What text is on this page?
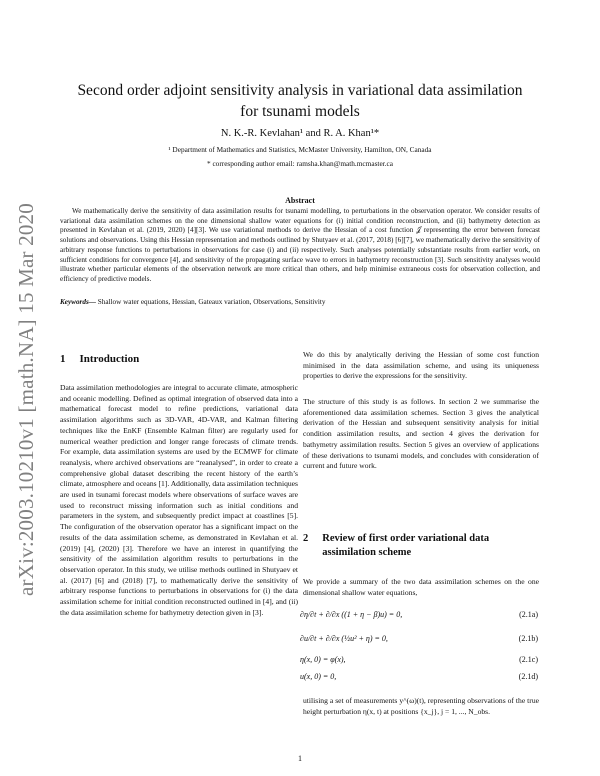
arXiv:2003.10210v1 [math.NA] 15 Mar 2020
Second order adjoint sensitivity analysis in variational data assimilation
for tsunami models
N. K.-R. Kevlahan¹ and R. A. Khan¹*
¹ Department of Mathematics and Statistics, McMaster University, Hamilton, ON, Canada
* corresponding author email: ramsha.khan@math.mcmaster.ca
Abstract

We mathematically derive the sensitivity of data assimilation results for tsunami modelling, to perturbations in the observation operator. We consider results of variational data assimilation schemes on the one dimensional shallow water equations for (i) initial condition reconstruction, and (ii) bathymetry detection as presented in Kevlahan et al. (2019, 2020) [4][3]. We use variational methods to derive the Hessian of a cost function 𝒥 representing the error between forecast solutions and observations. Using this Hessian representation and methods outlined by Shutyaev et al. (2017, 2018) [6][7], we mathematically derive the sensitivity of arbitrary response functions to perturbations in observations for case (i) and (ii) respectively. Such analyses potentially substantiate results from earlier work, on sufficient conditions for convergence [4], and sensitivity of the propagating surface wave to errors in bathymetry reconstruction [3]. Such sensitivity analyses would illustrate whether particular elements of the observation network are more critical than others, and help minimise extraneous costs for observation collection, and efficiency of predictive models.

Keywords— Shallow water equations, Hessian, Gateaux variation, Observations, Sensitivity
1 Introduction

Data assimilation methodologies are integral to accurate climate, atmospheric and oceanic modelling. Defined as optimal integration of observed data into a mathematical forecast model to refine predictions, variational data assimilation algorithms such as 3D-VAR, 4D-VAR, and Kalman filtering techniques like the EnKF (Ensemble Kalman filter) are regularly used for numerical weather prediction and longer range forecasts of climate trends. For example, data assimilation systems are used by the ECMWF for climate reanalysis, where archived observations are “reanalysed”, in order to create a comprehensive global dataset describing the recent history of the earth’s climate, atmosphere and oceans [1]. Additionally, data assimilation techniques are used in tsunami forecast models where observations of surface waves are used to reconstruct missing information such as initial conditions and parameters in the system, and subsequently predict impact at coastlines [5]. The configuration of the observation operator has a significant impact on the results of the data assimilation scheme, as demonstrated in Kevlahan et al. (2019) [4], (2020) [3]. Therefore we have an interest in quantifying the sensitivity of the assimilation algorithm results to perturbations in the observation operator. In this study, we utilise methods outlined in Shutyaev et al. (2017) [6] and (2018) [7], to mathematically derive the sensitivity of arbitrary response functions to perturbations in observations for (i) the data assimilation scheme for initial condition reconstructed outlined in [4], and (ii) the data assimilation scheme for bathymetry detection given in [3].

We do this by analytically deriving the Hessian of some cost function minimised in the data assimilation scheme, and using its uniqueness properties to derive the expressions for the sensitivity.

The structure of this study is as follows. In section 2 we summarise the aforementioned data assimilation schemes. Section 3 gives the analytical derivation of the Hessian and subsequent sensitivity analysis for initial condition assimilation results, and section 4 gives the derivation for bathymetry assimilation results. Section 5 gives an overview of applications of these derivations to tsunami models, and concludes with consideration of current and future work.

2 Review of first order variational data
assimilation scheme

We provide a summary of the two data assimilation schemes on the one dimensional shallow water equations,

∂η/∂t + ∂/∂x ((1 + η − β)u) = 0,	(2.1a)
∂u/∂t + ∂/∂x (½u² + η) = 0,	(2.1b)
η(x, 0) = φ(x),	(2.1c)
u(x, 0) = 0,	(2.1d)

utilising a set of measurements y^(ω)(t), representing observations of the true height perturbation η(x, t) at positions {x_j}, j = 1, ..., N_obs.

1
